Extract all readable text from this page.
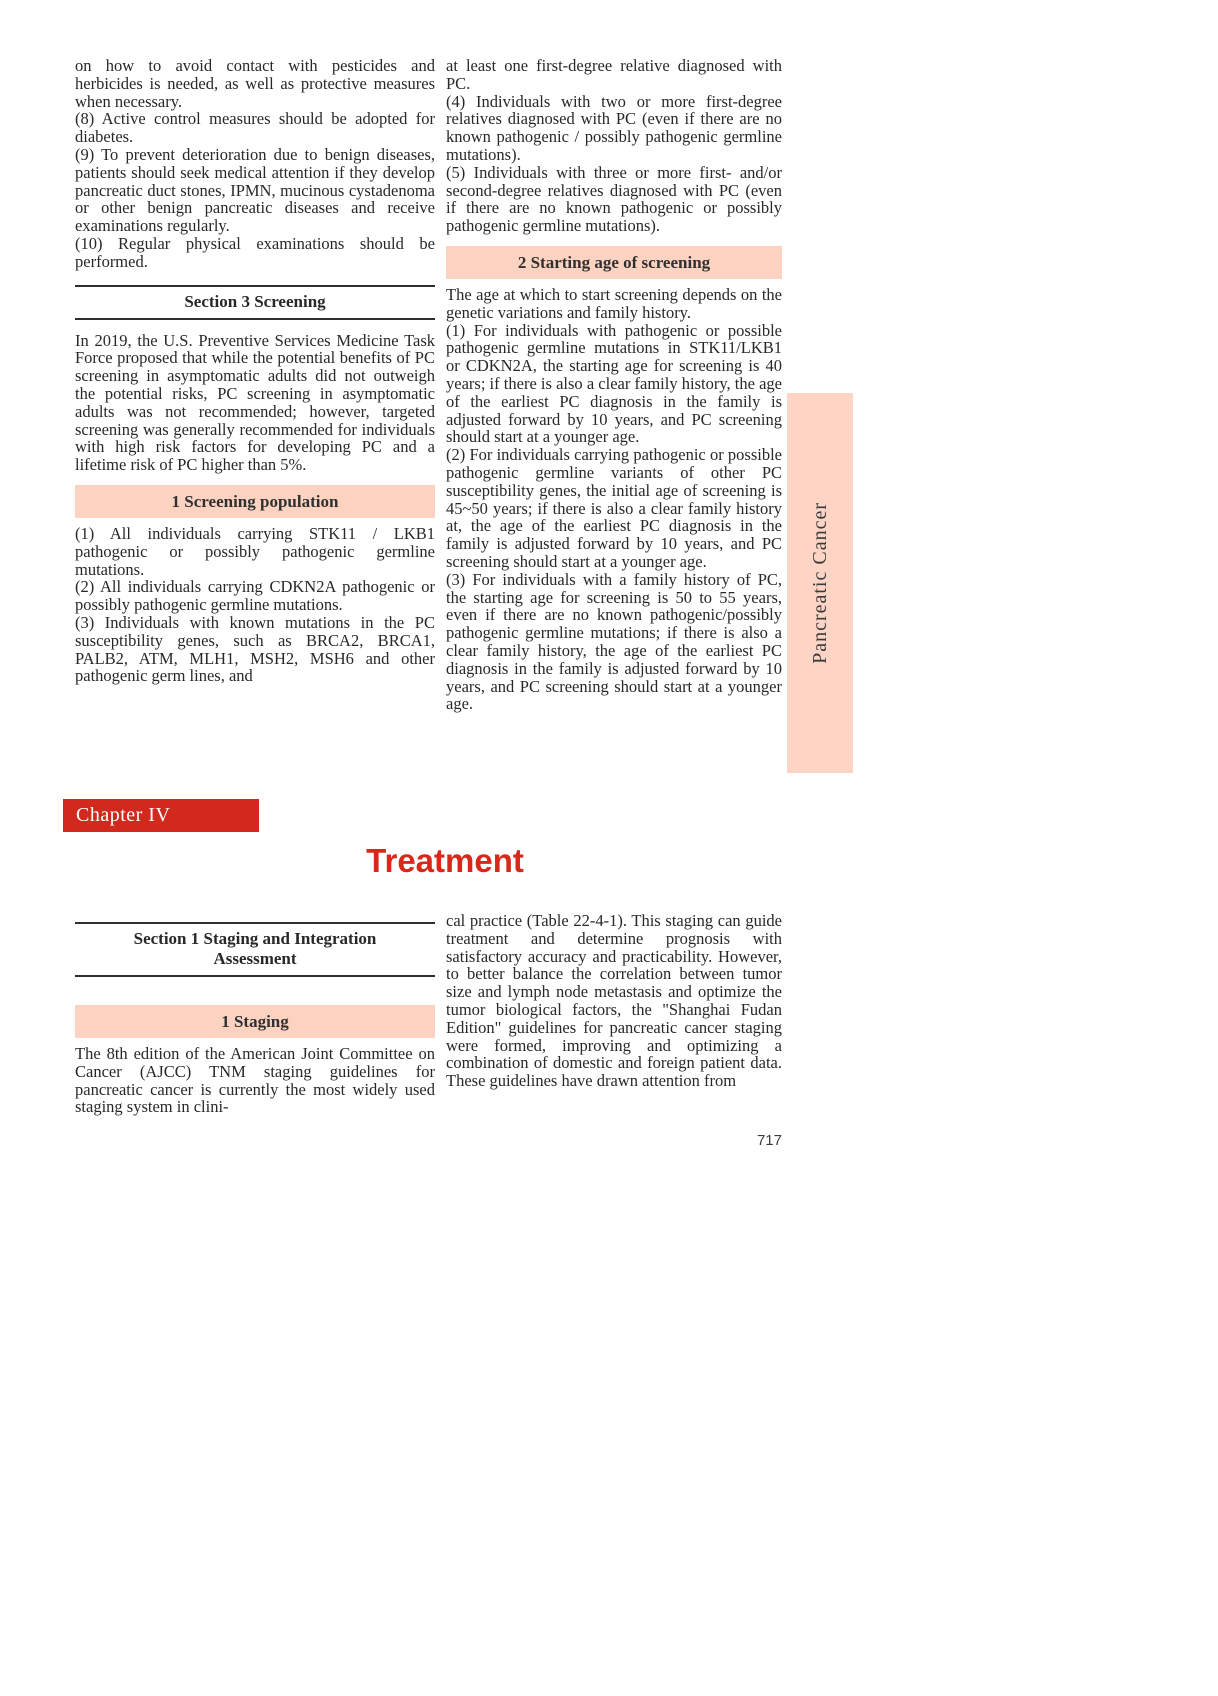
on how to avoid contact with pesticides and herbicides is needed, as well as protective measures when necessary.

(8) Active control measures should be adopted for diabetes.

(9) To prevent deterioration due to benign diseases, patients should seek medical attention if they develop pancreatic duct stones, IPMN, mucinous cystadenoma or other benign pancreatic diseases and receive examinations regularly.

(10) Regular physical examinations should be performed.

Section 3 Screening

In 2019, the U.S. Preventive Services Medicine Task Force proposed that while the potential benefits of PC screening in asymptomatic adults did not outweigh the potential risks, PC screening in asymptomatic adults was not recommended; however, targeted screening was generally recommended for individuals with high risk factors for developing PC and a lifetime risk of PC higher than 5%.

1 Screening population

(1) All individuals carrying STK11 / LKB1 pathogenic or possibly pathogenic germline mutations.

(2) All individuals carrying CDKN2A pathogenic or possibly pathogenic germline mutations.

(3) Individuals with known mutations in the PC susceptibility genes, such as BRCA2, BRCA1, PALB2, ATM, MLH1, MSH2, MSH6 and other pathogenic germ lines, and

at least one first-degree relative diagnosed with PC.

(4) Individuals with two or more first-degree relatives diagnosed with PC (even if there are no known pathogenic / possibly pathogenic germline mutations).

(5) Individuals with three or more first- and/or second-degree relatives diagnosed with PC (even if there are no known pathogenic or possibly pathogenic germline mutations).

2 Starting age of screening

The age at which to start screening depends on the genetic variations and family history.

(1) For individuals with pathogenic or possible pathogenic germline mutations in STK11/LKB1 or CDKN2A, the starting age for screening is 40 years; if there is also a clear family history, the age of the earliest PC diagnosis in the family is adjusted forward by 10 years, and PC screening should start at a younger age.

(2) For individuals carrying pathogenic or possible pathogenic germline variants of other PC susceptibility genes, the initial age of screening is 45~50 years; if there is also a clear family history at, the age of the earliest PC diagnosis in the family is adjusted forward by 10 years, and PC screening should start at a younger age.

(3) For individuals with a family history of PC, the starting age for screening is 50 to 55 years, even if there are no known pathogenic/possibly pathogenic germline mutations; if there is also a clear family history, the age of the earliest PC diagnosis in the family is adjusted forward by 10 years, and PC screening should start at a younger age.

Chapter IV
Treatment
Section 1 Staging and Integration
Assessment
1 Staging

The 8th edition of the American Joint Committee on Cancer (AJCC) TNM staging guidelines for pancreatic cancer is currently the most widely used staging system in clini-

cal practice (Table 22-4-1). This staging can guide treatment and determine prognosis with satisfactory accuracy and practicability. However, to better balance the correlation between tumor size and lymph node metastasis and optimize the tumor biological factors, the "Shanghai Fudan Edition" guidelines for pancreatic cancer staging were formed, improving and optimizing a combination of domestic and foreign patient data. These guidelines have drawn attention from

Pancreatic Cancer
717
